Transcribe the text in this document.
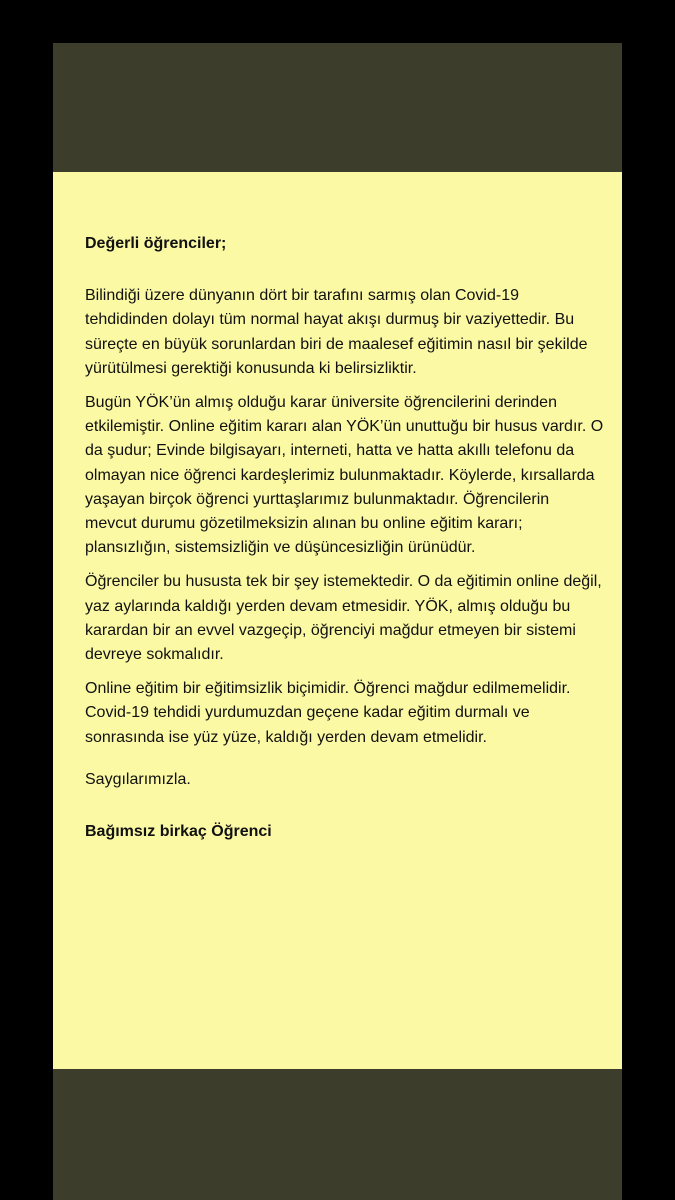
Değerli öğrenciler;

Bilindiği üzere dünyanın dört bir tarafını sarmış olan Covid-19 tehdidinden dolayı tüm normal hayat akışı durmuş bir vaziyettedir. Bu süreçte en büyük sorunlardan biri de maalesef eğitimin nasıl bir şekilde yürütülmesi gerektiği konusunda ki belirsizliktir.

Bugün YÖK’ün almış olduğu karar üniversite öğrencilerini derinden etkilemiştir. Online eğitim kararı alan YÖK’ün unuttuğu bir husus vardır. O da şudur; Evinde bilgisayarı, interneti, hatta ve hatta akıllı telefonu da olmayan nice öğrenci kardeşlerimiz bulunmaktadır. Köylerde, kırsallarda yaşayan birçok öğrenci yurttaşlarımız bulunmaktadır. Öğrencilerin mevcut durumu gözetilmeksizin alınan bu online eğitim kararı; plansızlığın, sistemsizliğin ve düşüncesizliğin ürünüdür.

Öğrenciler bu hususta tek bir şey istemektedir. O da eğitimin online değil, yaz aylarında kaldığı yerden devam etmesidir. YÖK, almış olduğu bu karardan bir an evvel vazgeçip, öğrenciyi mağdur etmeyen bir sistemi devreye sokmalıdır.

Online eğitim bir eğitimsizlik biçimidir. Öğrenci mağdur edilmemelidir. Covid-19 tehdidi yurdumuzdan geçene kadar eğitim durmalı ve sonrasında ise yüz yüze, kaldığı yerden devam etmelidir.

Saygılarımızla.

Bağımsız birkaç Öğrenci
